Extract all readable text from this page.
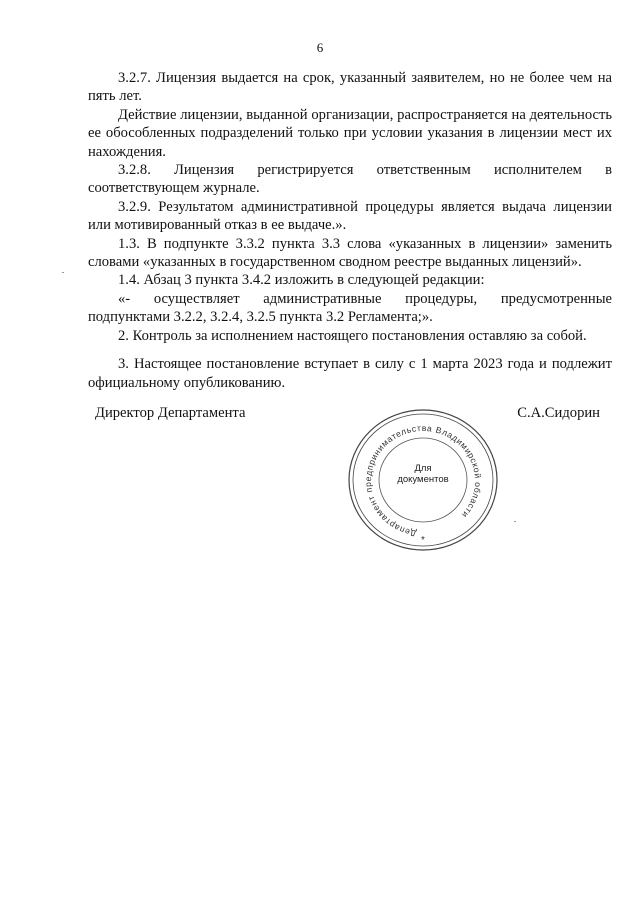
6

3.2.7. Лицензия выдается на срок, указанный заявителем, но не более чем на пять лет.

Действие лицензии, выданной организации, распространяется на деятельность ее обособленных подразделений только при условии указания в лицензии мест их нахождения.

3.2.8. Лицензия регистрируется ответственным исполнителем в соответствующем журнале.

3.2.9. Результатом административной процедуры является выдача лицензии или мотивированный отказ в ее выдаче.».

1.3. В подпункте 3.3.2 пункта 3.3 слова «указанных в лицензии» заменить словами «указанных в государственном сводном реестре выданных лицензий».

1.4. Абзац 3 пункта 3.4.2 изложить в следующей редакции:

«- осуществляет административные процедуры, предусмотренные подпунктами 3.2.2, 3.2.4, 3.2.5 пункта 3.2 Регламента;».

2. Контроль за исполнением настоящего постановления оставляю за собой.

3. Настоящее постановление вступает в силу с 1 марта 2023 года и подлежит официальному опубликованию.

Директор Департамента	С.А.Сидорин
Департамент предпринимательства Владимирской области
*
Для
документов
